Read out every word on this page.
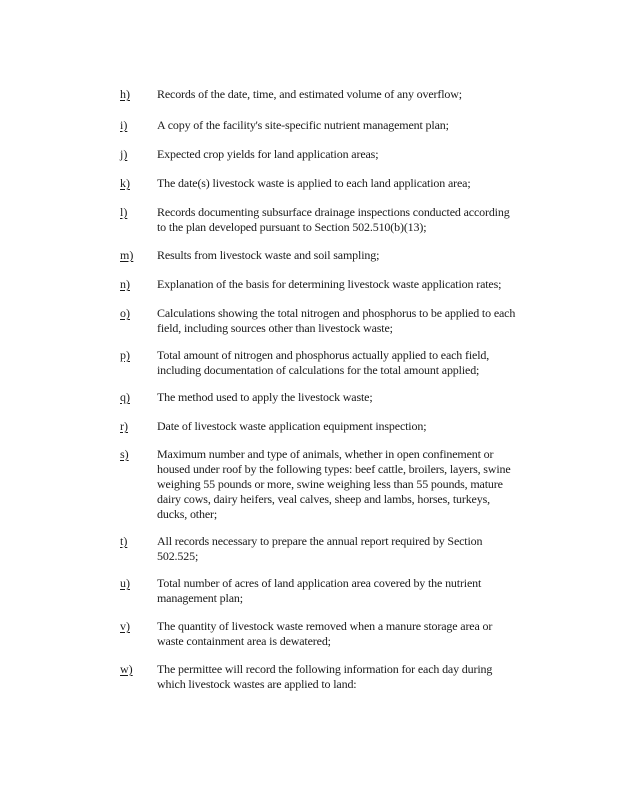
h) Records of the date, time, and estimated volume of any overflow;
i) A copy of the facility's site-specific nutrient management plan;
j) Expected crop yields for land application areas;
k) The date(s) livestock waste is applied to each land application area;
l) Records documenting subsurface drainage inspections conducted according to the plan developed pursuant to Section 502.510(b)(13);
m) Results from livestock waste and soil sampling;
n) Explanation of the basis for determining livestock waste application rates;
o) Calculations showing the total nitrogen and phosphorus to be applied to each field, including sources other than livestock waste;
p) Total amount of nitrogen and phosphorus actually applied to each field, including documentation of calculations for the total amount applied;
q) The method used to apply the livestock waste;
r) Date of livestock waste application equipment inspection;
s) Maximum number and type of animals, whether in open confinement or housed under roof by the following types: beef cattle, broilers, layers, swine weighing 55 pounds or more, swine weighing less than 55 pounds, mature dairy cows, dairy heifers, veal calves, sheep and lambs, horses, turkeys, ducks, other;
t) All records necessary to prepare the annual report required by Section 502.525;
u) Total number of acres of land application area covered by the nutrient management plan;
v) The quantity of livestock waste removed when a manure storage area or waste containment area is dewatered;
w) The permittee will record the following information for each day during which livestock wastes are applied to land:
